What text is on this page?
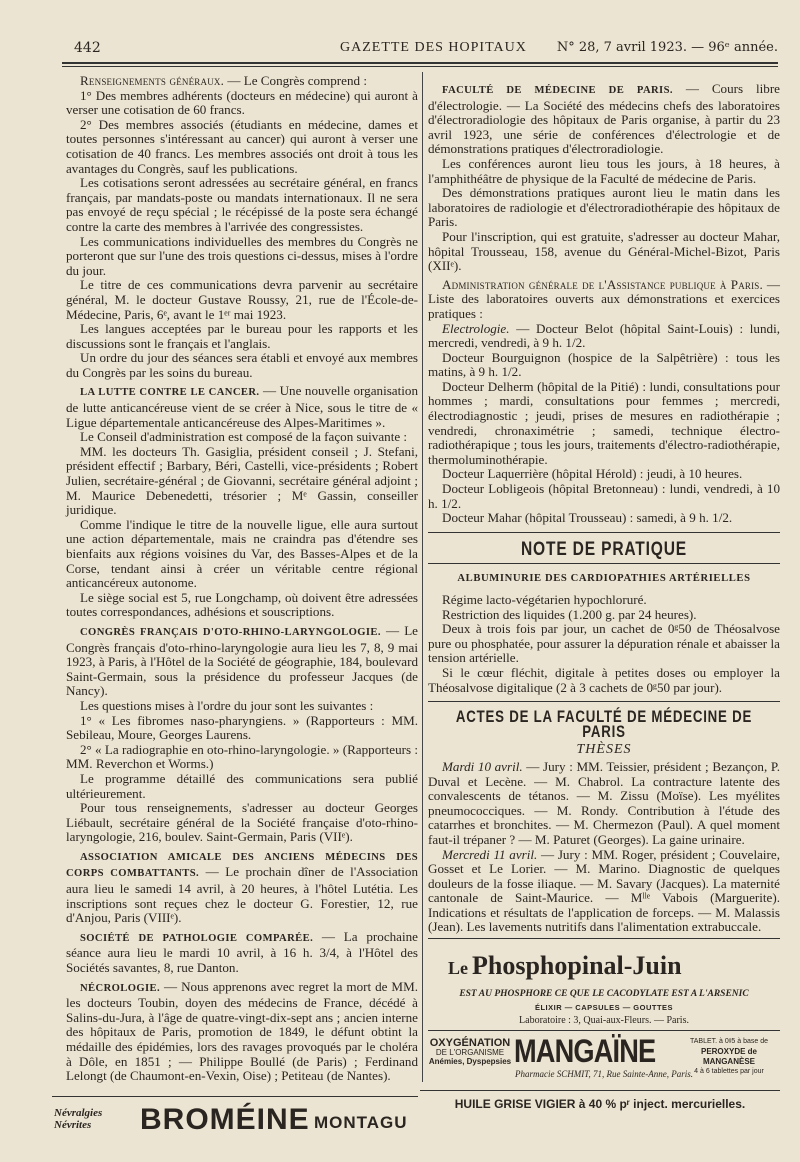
442	GAZETTE DES HOPITAUX N° 28, 7 avril 1923. — 96ᵉ année.

Renseignements généraux. — Le Congrès comprend :

1° Des membres adhérents (docteurs en médecine) qui auront à verser une cotisation de 60 francs.

2° Des membres associés (étudiants en médecine, dames et toutes personnes s'intéressant au cancer) qui auront à verser une cotisation de 40 francs. Les membres associés ont droit à tous les avantages du Congrès, sauf les publications.

Les cotisations seront adressées au secrétaire général, en francs français, par mandats-poste ou mandats internationaux. Il ne sera pas envoyé de reçu spécial ; le récépissé de la poste sera échangé contre la carte des membres à l'arrivée des congressistes.

Les communications individuelles des membres du Congrès ne porteront que sur l'une des trois questions ci-dessus, mises à l'ordre du jour.

Le titre de ces communications devra parvenir au secrétaire général, M. le docteur Gustave Roussy, 21, rue de l'École-de-Médecine, Paris, 6ᵉ, avant le 1ᵉʳ mai 1923.

Les langues acceptées par le bureau pour les rapports et les discussions sont le français et l'anglais.

Un ordre du jour des séances sera établi et envoyé aux membres du Congrès par les soins du bureau.

LA LUTTE CONTRE LE CANCER. — Une nouvelle organisation de lutte anticancéreuse vient de se créer à Nice, sous le titre de « Ligue départementale anticancéreuse des Alpes-Maritimes ».

Le Conseil d'administration est composé de la façon suivante :

MM. les docteurs Th. Gasiglia, président conseil ; J. Stefani, président effectif ; Barbary, Béri, Castelli, vice-présidents ; Robert Julien, secrétaire-général ; de Giovanni, secrétaire général adjoint ; M. Maurice Debenedetti, trésorier ; Mᵉ Gassin, conseiller juridique.

Comme l'indique le titre de la nouvelle ligue, elle aura surtout une action départementale, mais ne craindra pas d'étendre ses bienfaits aux régions voisines du Var, des Basses-Alpes et de la Corse, tendant ainsi à créer un véritable centre régional anticancéreux autonome.

Le siège social est 5, rue Longchamp, où doivent être adressées toutes correspondances, adhésions et souscriptions.

CONGRÈS FRANÇAIS D'OTO-RHINO-LARYNGOLOGIE. — Le Congrès français d'oto-rhino-laryngologie aura lieu les 7, 8, 9 mai 1923, à Paris, à l'Hôtel de la Société de géographie, 184, boulevard Saint-Germain, sous la présidence du professeur Jacques (de Nancy).

Les questions mises à l'ordre du jour sont les suivantes :

1° « Les fibromes naso-pharyngiens. » (Rapporteurs : MM. Sebileau, Moure, Georges Laurens.

2° « La radiographie en oto-rhino-laryngologie. » (Rapporteurs : MM. Reverchon et Worms.)

Le programme détaillé des communications sera publié ultérieurement.

Pour tous renseignements, s'adresser au docteur Georges Liébault, secrétaire général de la Société française d'oto-rhino-laryngologie, 216, boulev. Saint-Germain, Paris (VIIᵉ).

ASSOCIATION AMICALE DES ANCIENS MÉDECINS DES CORPS COMBATTANTS. — Le prochain dîner de l'Association aura lieu le samedi 14 avril, à 20 heures, à l'hôtel Lutétia. Les inscriptions sont reçues chez le docteur G. Forestier, 12, rue d'Anjou, Paris (VIIIᵉ).

SOCIÉTÉ DE PATHOLOGIE COMPARÉE. — La prochaine séance aura lieu le mardi 10 avril, à 16 h. 3/4, à l'Hôtel des Sociétés savantes, 8, rue Danton.

NÉCROLOGIE. — Nous apprenons avec regret la mort de MM. les docteurs Toubin, doyen des médecins de France, décédé à Salins-du-Jura, à l'âge de quatre-vingt-dix-sept ans ; ancien interne des hôpitaux de Paris, promotion de 1849, le défunt obtint la médaille des épidémies, lors des ravages provoqués par le choléra à Dôle, en 1851 ; — Philippe Boullé (de Paris) ; Ferdinand Lelongt (de Chaumont-en-Vexin, Oise) ; Petiteau (de Nantes).

Névralgies
Névrites	BROMÉINE MONTAGU

FACULTÉ DE MÉDECINE DE PARIS. — Cours libre d'électrologie. — La Société des médecins chefs des laboratoires d'électroradiologie des hôpitaux de Paris organise, à partir du 23 avril 1923, une série de conférences d'électrologie et de démonstrations pratiques d'électroradiologie.

Les conférences auront lieu tous les jours, à 18 heures, à l'amphithéâtre de physique de la Faculté de médecine de Paris.

Des démonstrations pratiques auront lieu le matin dans les laboratoires de radiologie et d'électroradiothérapie des hôpitaux de Paris.

Pour l'inscription, qui est gratuite, s'adresser au docteur Mahar, hôpital Trousseau, 158, avenue du Général-Michel-Bizot, Paris (XIIᵉ).

Administration générale de l'Assistance publique à Paris. — Liste des laboratoires ouverts aux démonstrations et exercices pratiques :

Electrologie. — Docteur Belot (hôpital Saint-Louis) : lundi, mercredi, vendredi, à 9 h. 1/2.

Docteur Bourguignon (hospice de la Salpêtrière) : tous les matins, à 9 h. 1/2.

Docteur Delherm (hôpital de la Pitié) : lundi, consultations pour hommes ; mardi, consultations pour femmes ; mercredi, électrodiagnostic ; jeudi, prises de mesures en radiothérapie ; vendredi, chronaximétrie ; samedi, technique électro-radiothérapique ; tous les jours, traitements d'électro-radiothérapie, thermoluminothérapie.

Docteur Laquerrière (hôpital Hérold) : jeudi, à 10 heures.

Docteur Lobligeois (hôpital Bretonneau) : lundi, vendredi, à 10 h. 1/2.

Docteur Mahar (hôpital Trousseau) : samedi, à 9 h. 1/2.

NOTE DE PRATIQUE
ALBUMINURIE DES CARDIOPATHIES ARTÉRIELLES

Régime lacto-végétarien hypochloruré.

Restriction des liquides (1.200 g. par 24 heures).

Deux à trois fois par jour, un cachet de 0ᵍ50 de Théosalvose pure ou phosphatée, pour assurer la dépuration rénale et abaisser la tension artérielle.

Si le cœur fléchit, digitale à petites doses ou employer la Théosalvose digitalique (2 à 3 cachets de 0ᵍ50 par jour).

ACTES DE LA FACULTÉ DE MÉDECINE DE PARIS
THÈSES

Mardi 10 avril. — Jury : MM. Teissier, président ; Bezançon, P. Duval et Lecène. — M. Chabrol. La contracture latente des convalescents de tétanos. — M. Zissu (Moïse). Les myélites pneumococciques. — M. Rondy. Contribution à l'étude des catarrhes et bronchites. — M. Chermezon (Paul). A quel moment faut-il trépaner ? — M. Paturet (Georges). La gaine urinaire.

Mercredi 11 avril. — Jury : MM. Roger, président ; Couvelaire, Gosset et Le Lorier. — M. Marino. Diagnostic de quelques douleurs de la fosse iliaque. — M. Savary (Jacques). La maternité cantonale de Saint-Maurice. — Mˡˡᵉ Vabois (Marguerite). Indications et résultats de l'application de forceps. — M. Malassis (Jean). Les lavements nutritifs dans l'alimentation extrabuccale.

Le Phosphopinal-Juin
EST AU PHOSPHORE CE QUE LE CACODYLATE EST A L'ARSENIC
ÉLIXIR — CAPSULES — GOUTTES
Laboratoire : 3, Quai-aux-Fleurs. — Paris.
OXYGÉNATION
DE L'ORGANISME
Anémies, Dyspepsies MANGAÏNE	TABLET. à 0ᵍ5 à base de
PEROXYDE de MANGANÈSE
4 à 6 tablettes par jour
Pharmacie SCHMIT, 71, Rue Sainte-Anne, Paris.
HUILE GRISE VIGIER à 40 % pʳ inject. mercurielles.
